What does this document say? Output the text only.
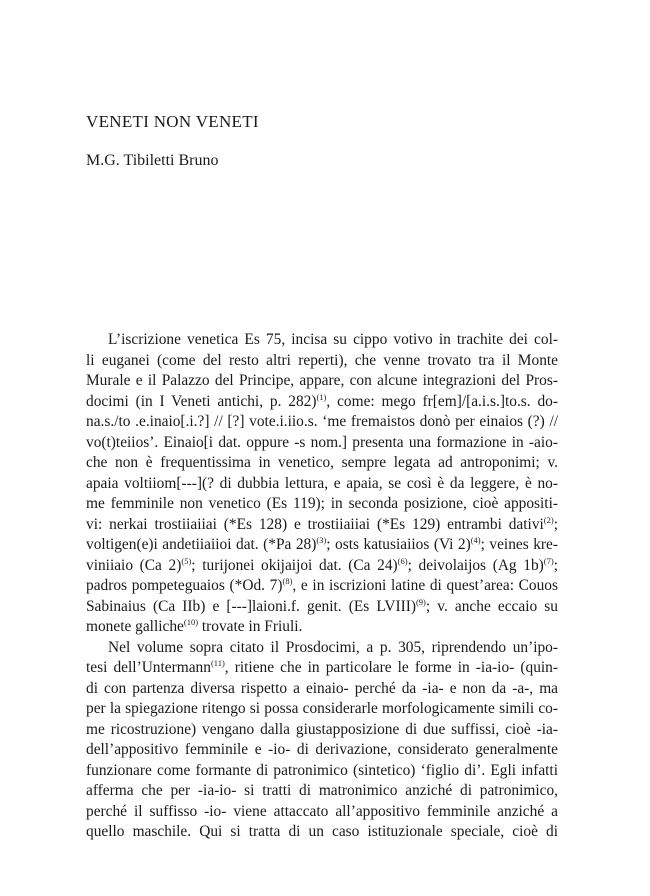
VENETI NON VENETI

M.G. Tibiletti Bruno

L’iscrizione venetica Es 75, incisa su cippo votivo in trachite dei col-
li euganei (come del resto altri reperti), che venne trovato tra il Monte
Murale e il Palazzo del Principe, appare, con alcune integrazioni del Pros-
docimi (in I Veneti antichi, p. 282)$^{(1)}$, come: mego fr[em]/[a.i.s.]to.s. do-
na.s./to .e.inaio[.i.?] // [?] vote.i.iio.s. ‘me fremaistos donò per einaios (?) //
vo(t)teiios’. Einaio[i dat. oppure -s nom.] presenta una formazione in -aio-
che non è frequentissima in venetico, sempre legata ad antroponimi; v.
apaia voltiiom[---](? di dubbia lettura, e apaia, se così è da leggere, è no-
me femminile non venetico (Es 119); in seconda posizione, cioè appositi-
vi: nerkai trostiiaiiai (*Es 128) e trostiiaiiai (*Es 129) entrambi dativi$^{(2)}$;
voltigen(e)i andetiiaiioi dat. (*Pa 28)$^{(3)}$; osts katusiaiios (Vi 2)$^{(4)}$; veines kre-
viniiaio (Ca 2)$^{(5)}$; turijonei okijaijoi dat. (Ca 24)$^{(6)}$; deivolaijos (Ag 1b)$^{(7)}$;
padros pompeteguaios (*Od. 7)$^{(8)}$, e in iscrizioni latine di quest’area: Couos
Sabinaius (Ca IIb) e [---]laioni.f. genit. (Es LVIII)$^{(9)}$; v. anche eccaio su
monete galliche$^{(10)}$ trovate in Friuli.
Nel volume sopra citato il Prosdocimi, a p. 305, riprendendo un’ipo-
tesi dell’Untermann$^{(11)}$, ritiene che in particolare le forme in -ia-io- (quin-
di con partenza diversa rispetto a einaio- perché da -ia- e non da -a-, ma
per la spiegazione ritengo si possa considerarle morfologicamente simili co-
me ricostruzione) vengano dalla giustapposizione di due suffissi, cioè -ia-
dell’appositivo femminile e -io- di derivazione, considerato generalmente
funzionare come formante di patronimico (sintetico) ‘figlio di’. Egli infatti
afferma che per -ia-io- si tratti di matronimico anziché di patronimico,
perché il suffisso -io- viene attaccato all’appositivo femminile anziché a
quello maschile. Qui si tratta di un caso istituzionale speciale, cioè di
